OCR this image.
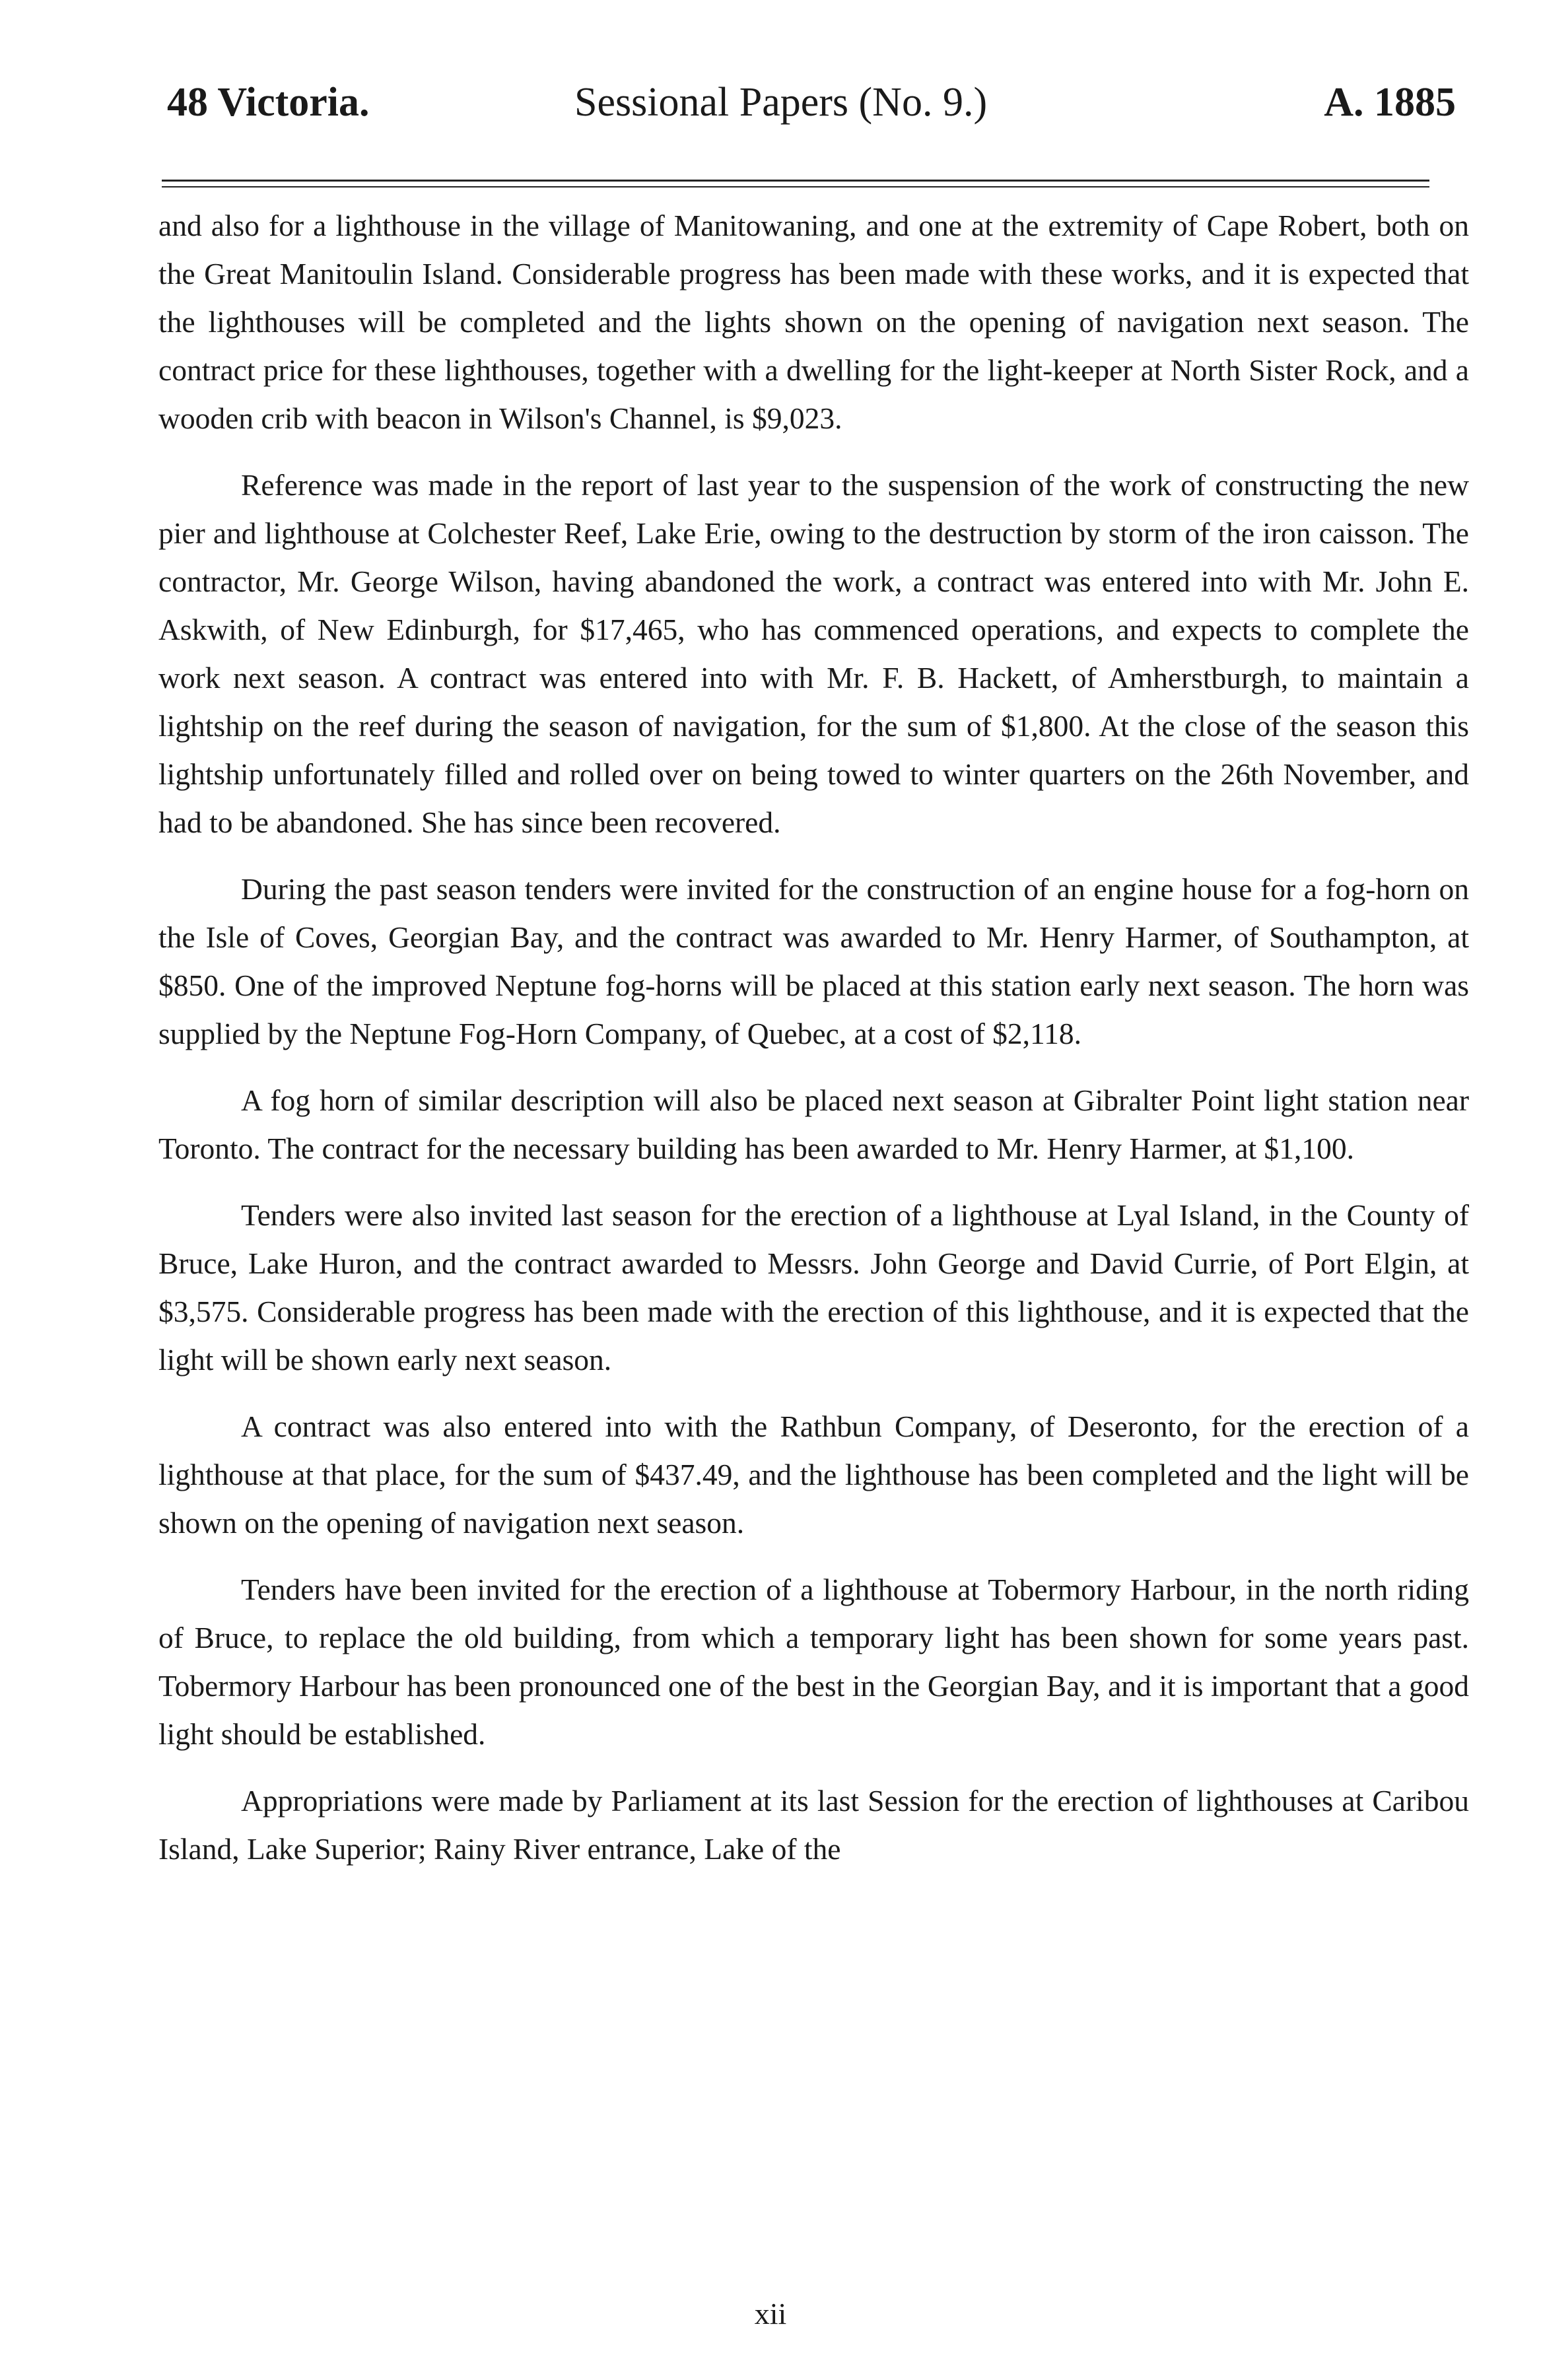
48 Victoria.	Sessional Papers (No. 9.)	A. 1885

and also for a lighthouse in the village of Manitowaning, and one at the extremity of Cape Robert, both on the Great Manitoulin Island. Considerable progress has been made with these works, and it is expected that the lighthouses will be completed and the lights shown on the opening of navigation next season. The contract price for these lighthouses, together with a dwelling for the light-keeper at North Sister Rock, and a wooden crib with beacon in Wilson's Channel, is $9,023.

Reference was made in the report of last year to the suspension of the work of constructing the new pier and lighthouse at Colchester Reef, Lake Erie, owing to the destruction by storm of the iron caisson. The contractor, Mr. George Wilson, having abandoned the work, a contract was entered into with Mr. John E. Askwith, of New Edinburgh, for $17,465, who has commenced operations, and expects to complete the work next season. A contract was entered into with Mr. F. B. Hackett, of Amherstburgh, to maintain a lightship on the reef during the season of navigation, for the sum of $1,800. At the close of the season this lightship unfortunately filled and rolled over on being towed to winter quarters on the 26th November, and had to be abandoned. She has since been recovered.

During the past season tenders were invited for the construction of an engine house for a fog-horn on the Isle of Coves, Georgian Bay, and the contract was awarded to Mr. Henry Harmer, of Southampton, at $850. One of the improved Neptune fog-horns will be placed at this station early next season. The horn was supplied by the Neptune Fog-Horn Company, of Quebec, at a cost of $2,118.

A fog horn of similar description will also be placed next season at Gibralter Point light station near Toronto. The contract for the necessary building has been awarded to Mr. Henry Harmer, at $1,100.

Tenders were also invited last season for the erection of a lighthouse at Lyal Island, in the County of Bruce, Lake Huron, and the contract awarded to Messrs. John George and David Currie, of Port Elgin, at $3,575. Considerable progress has been made with the erection of this lighthouse, and it is expected that the light will be shown early next season.

A contract was also entered into with the Rathbun Company, of Deseronto, for the erection of a lighthouse at that place, for the sum of $437.49, and the lighthouse has been completed and the light will be shown on the opening of navigation next season.

Tenders have been invited for the erection of a lighthouse at Tobermory Harbour, in the north riding of Bruce, to replace the old building, from which a temporary light has been shown for some years past. Tobermory Harbour has been pronounced one of the best in the Georgian Bay, and it is important that a good light should be established.

Appropriations were made by Parliament at its last Session for the erection of lighthouses at Caribou Island, Lake Superior; Rainy River entrance, Lake of the

xii
